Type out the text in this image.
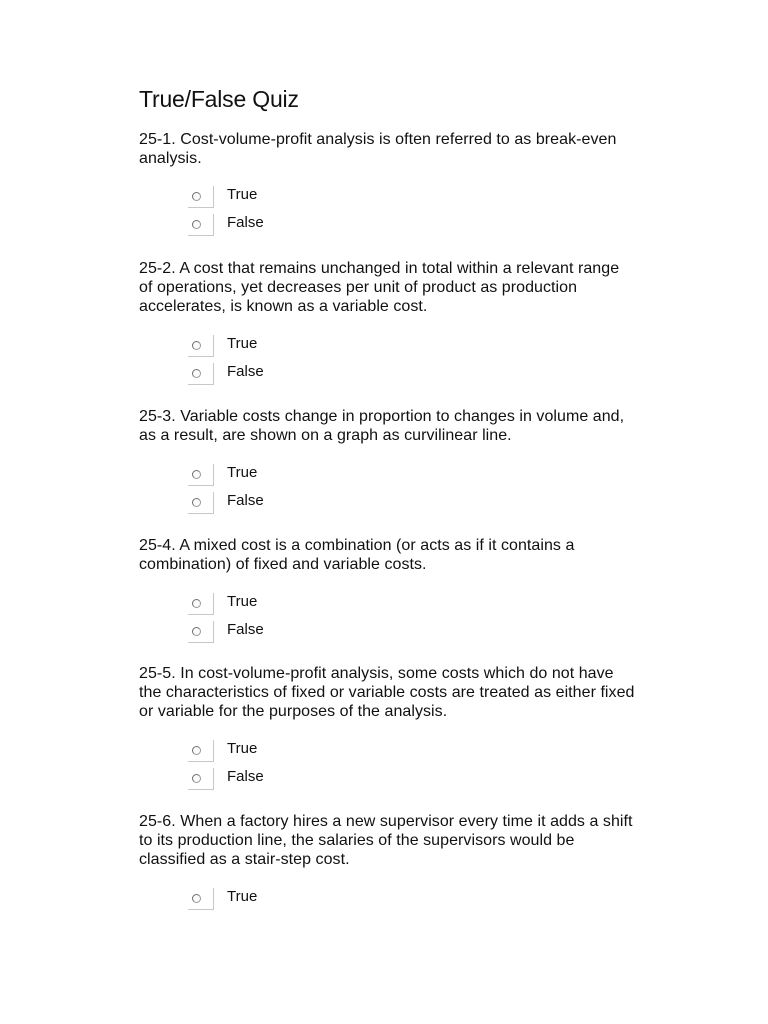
True/False Quiz

25-1. Cost-volume-profit analysis is often referred to as break-even
analysis.

True
False

25-2. A cost that remains unchanged in total within a relevant range
of operations, yet decreases per unit of product as production
accelerates, is known as a variable cost.

True
False

25-3. Variable costs change in proportion to changes in volume and,
as a result, are shown on a graph as curvilinear line.

True
False

25-4. A mixed cost is a combination (or acts as if it contains a
combination) of fixed and variable costs.

True
False

25-5. In cost-volume-profit analysis, some costs which do not have
the characteristics of fixed or variable costs are treated as either fixed
or variable for the purposes of the analysis.

True
False

25-6. When a factory hires a new supervisor every time it adds a shift
to its production line, the salaries of the supervisors would be
classified as a stair-step cost.

True
